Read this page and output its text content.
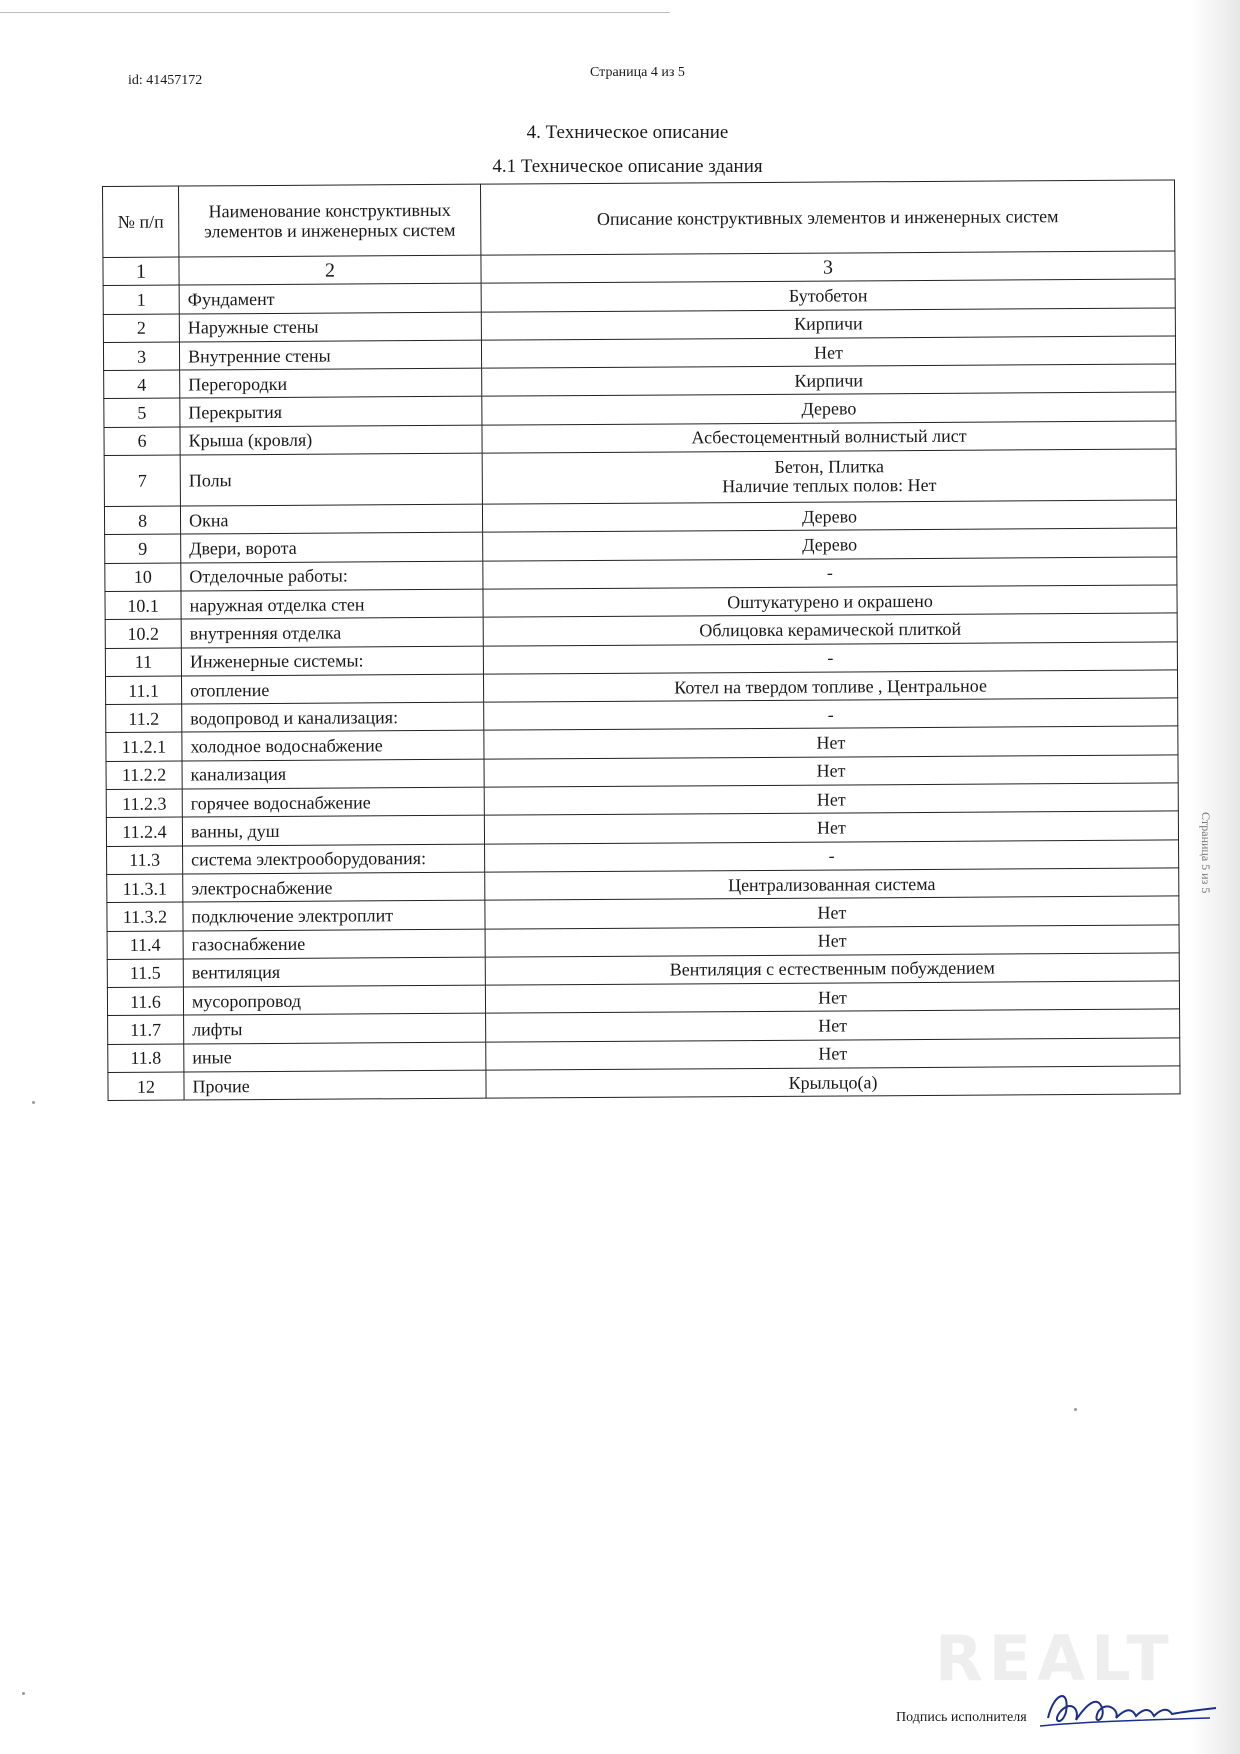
id: 41457172
Страница 4 из 5
4. Техническое описание
4.1 Техническое описание здания
№ п/п	Наименование конструктивных элементов и инженерных систем	Описание конструктивных элементов и инженерных систем
1	2	3
1	Фундамент	Бутобетон
2	Наружные стены	Кирпичи
3	Внутренние стены	Нет
4	Перегородки	Кирпичи
5	Перекрытия	Дерево
6	Крыша (кровля)	Асбестоцементный волнистый лист
7	Полы	Бетон, Плитка
Наличие теплых полов: Нет

8	Окна	Дерево
9	Двери, ворота	Дерево
10	Отделочные работы:	-
10.1	наружная отделка стен	Оштукатурено и окрашено
10.2	внутренняя отделка	Облицовка керамической плиткой
11	Инженерные системы:	-
11.1	отопление	Котел на твердом топливе , Центральное
11.2	водопровод и канализация:	-
11.2.1	холодное водоснабжение	Нет
11.2.2	канализация	Нет
11.2.3	горячее водоснабжение	Нет
11.2.4	ванны, душ	Нет
11.3	система электрооборудования:	-
11.3.1	электроснабжение	Централизованная система
11.3.2	подключение электроплит	Нет
11.4	газоснабжение	Нет
11.5	вентиляция	Вентиляция с естественным побуждением
11.6	мусоропровод	Нет
11.7	лифты	Нет
11.8	иные	Нет
12	Прочие	Крыльцо(а)
Страница 5 из 5
REALT
Подпись исполнителя
